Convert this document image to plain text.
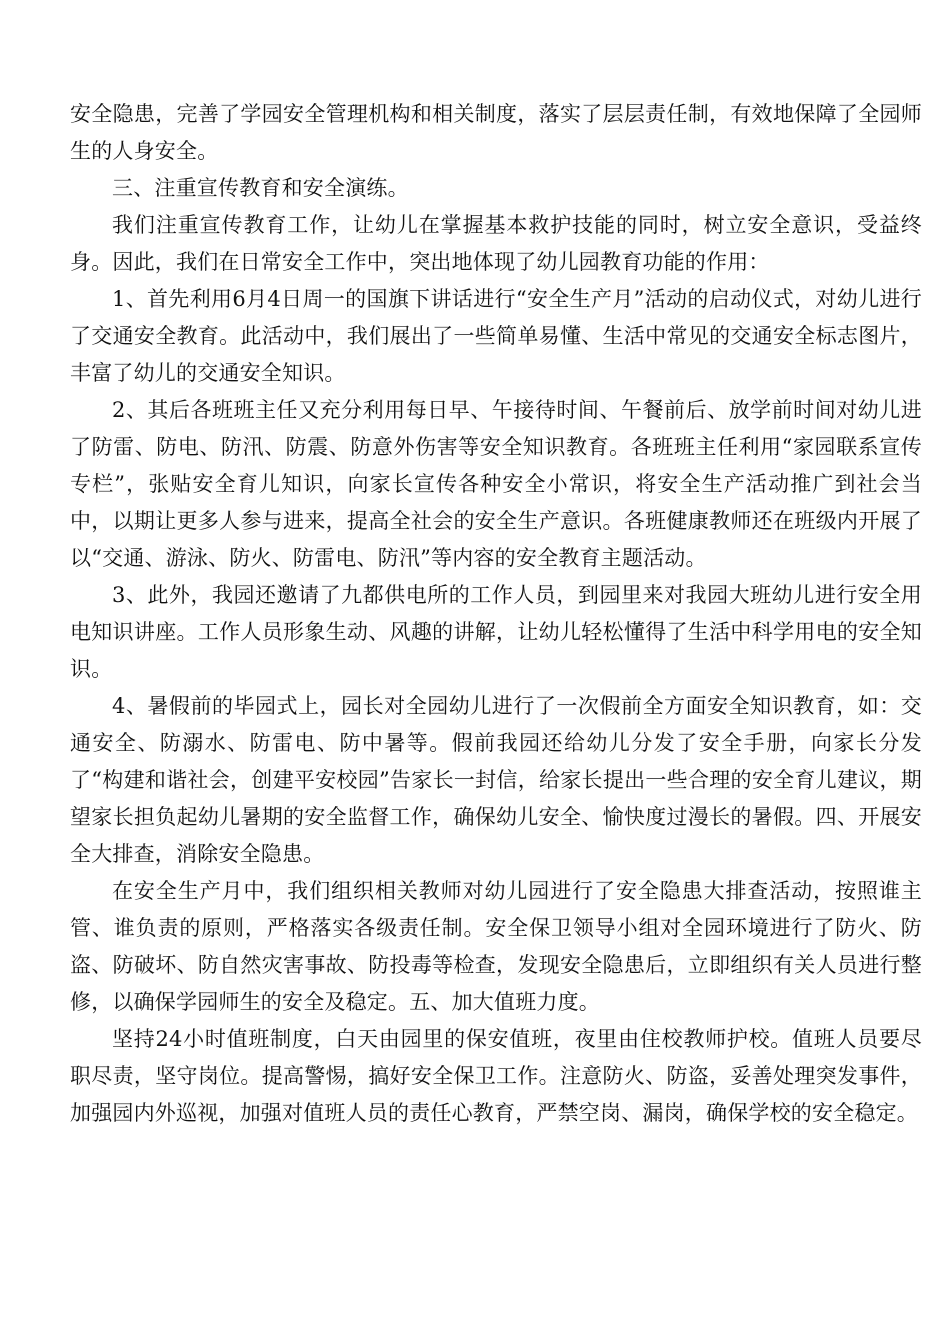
安全隐患，完善了学园安全管理机构和相关制度，落实了层层责任制，有效地保障了全园师生的人身安全。

三、注重宣传教育和安全演练。

我们注重宣传教育工作，让幼儿在掌握基本救护技能的同时，树立安全意识，受益终身。因此，我们在日常安全工作中，突出地体现了幼儿园教育功能的作用：

1、首先利用6月4日周一的国旗下讲话进行“安全生产月”活动的启动仪式，对幼儿进行了交通安全教育。此活动中，我们展出了一些简单易懂、生活中常见的交通安全标志图片，丰富了幼儿的交通安全知识。

2、其后各班班主任又充分利用每日早、午接待时间、午餐前后、放学前时间对幼儿进了防雷、防电、防汛、防震、防意外伤害等安全知识教育。各班班主任利用“家园联系宣传专栏”，张贴安全育儿知识，向家长宣传各种安全小常识，将安全生产活动推广到社会当中，以期让更多人参与进来，提高全社会的安全生产意识。各班健康教师还在班级内开展了以“交通、游泳、防火、防雷电、防汛”等内容的安全教育主题活动。

3、此外，我园还邀请了九都供电所的工作人员，到园里来对我园大班幼儿进行安全用电知识讲座。工作人员形象生动、风趣的讲解，让幼儿轻松懂得了生活中科学用电的安全知识。

4、暑假前的毕园式上，园长对全园幼儿进行了一次假前全方面安全知识教育，如：交通安全、防溺水、防雷电、防中暑等。假前我园还给幼儿分发了安全手册，向家长分发了“构建和谐社会，创建平安校园”告家长一封信，给家长提出一些合理的安全育儿建议，期望家长担负起幼儿暑期的安全监督工作，确保幼儿安全、愉快度过漫长的暑假。四、开展安全大排查，消除安全隐患。

在安全生产月中，我们组织相关教师对幼儿园进行了安全隐患大排查活动，按照谁主管、谁负责的原则，严格落实各级责任制。安全保卫领导小组对全园环境进行了防火、防盗、防破坏、防自然灾害事故、防投毒等检查，发现安全隐患后，立即组织有关人员进行整修，以确保学园师生的安全及稳定。五、加大值班力度。

坚持24小时值班制度，白天由园里的保安值班，夜里由住校教师护校。值班人员要尽职尽责，坚守岗位。提高警惕，搞好安全保卫工作。注意防火、防盗，妥善处理突发事件，加强园内外巡视，加强对值班人员的责任心教育，严禁空岗、漏岗，确保学校的安全稳定。
